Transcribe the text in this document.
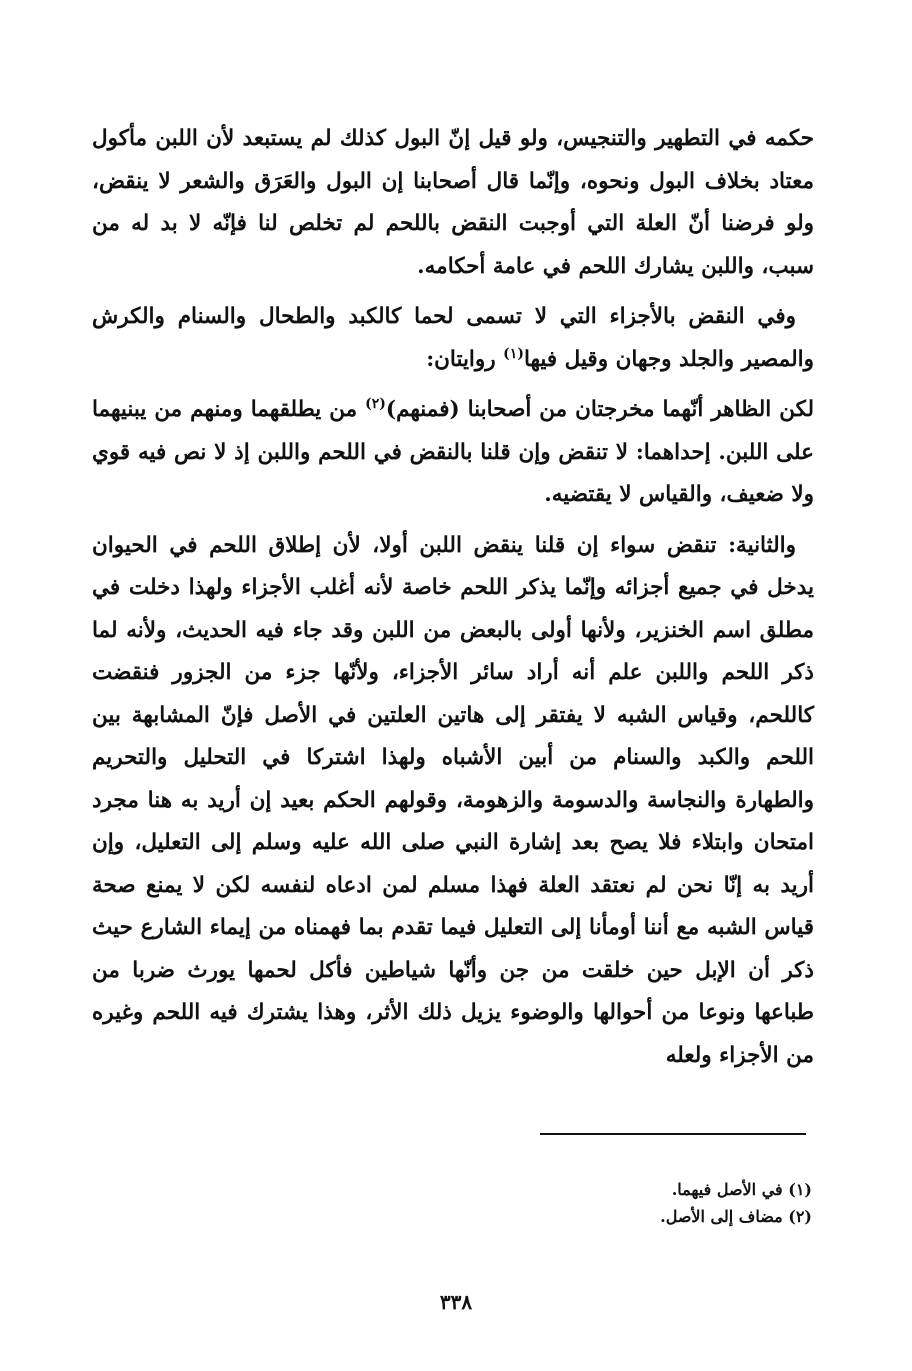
حكمه في التطهير والتنجيس، ولو قيل إنّ البول كذلك لم يستبعد لأن اللبن مأكول معتاد بخلاف البول ونحوه، وإنّما قال أصحابنا إن البول والعَرَق والشعر لا ينقض، ولو فرضنا أنّ العلة التي أوجبت النقض باللحم لم تخلص لنا فإنّه لا بد له من سبب، واللبن يشارك اللحم في عامة أحكامه.

وفي النقض بالأجزاء التي لا تسمى لحما كالكبد والطحال والسنام والكرش والمصير والجلد وجهان وقيل فيها$^{(١)}$ روايتان:

لكن الظاهر أنّهما مخرجتان من أصحابنا (فمنهم)$^{(٢)}$ من يطلقهما ومنهم من يبنيهما على اللبن. إحداهما: لا تنقض وإن قلنا بالنقض في اللحم واللبن إذ لا نص فيه قوي ولا ضعيف، والقياس لا يقتضيه.

والثانية: تنقض سواء إن قلنا ينقض اللبن أولا، لأن إطلاق اللحم في الحيوان يدخل في جميع أجزائه وإنّما يذكر اللحم خاصة لأنه أغلب الأجزاء ولهذا دخلت في مطلق اسم الخنزير، ولأنها أولى بالبعض من اللبن وقد جاء فيه الحديث، ولأنه لما ذكر اللحم واللبن علم أنه أراد سائر الأجزاء، ولأنّها جزء من الجزور فنقضت كاللحم، وقياس الشبه لا يفتقر إلى هاتين العلتين في الأصل فإنّ المشابهة بين اللحم والكبد والسنام من أبين الأشباه ولهذا اشتركا في التحليل والتحريم والطهارة والنجاسة والدسومة والزهومة، وقولهم الحكم بعيد إن أريد به هنا مجرد امتحان وابتلاء فلا يصح بعد إشارة النبي صلى الله عليه وسلم إلى التعليل، وإن أريد به إنّا نحن لم نعتقد العلة فهذا مسلم لمن ادعاه لنفسه لكن لا يمنع صحة قياس الشبه مع أننا أومأنا إلى التعليل فيما تقدم بما فهمناه من إيماء الشارع حيث ذكر أن الإبل حين خلقت من جن وأنّها شياطين فأكل لحمها يورث ضربا من طباعها ونوعا من أحوالها والوضوء يزيل ذلك الأثر، وهذا يشترك فيه اللحم وغيره من الأجزاء ولعله

(١) في الأصل فيهما.

(٢) مضاف إلى الأصل.

٣٣٨
